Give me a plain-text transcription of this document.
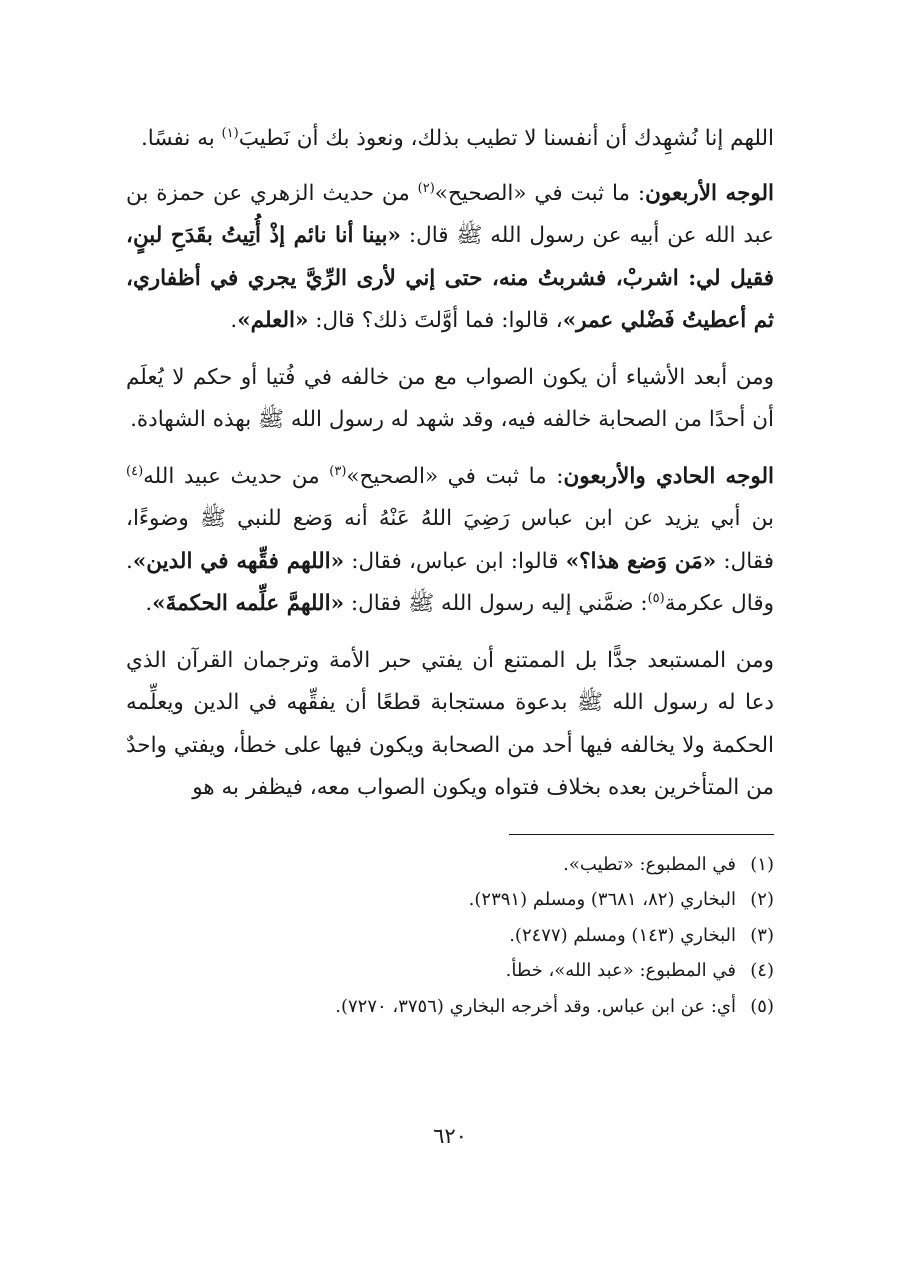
اللهم إنا نُشهِدك أن أنفسنا لا تطيب بذلك، ونعوذ بك أن نَطيبَ$^{(١)}$ به نفسًا.

الوجه الأربعون: ما ثبت في «الصحيح»$^{(٢)}$ من حديث الزهري عن حمزة بن عبد الله عن أبيه عن رسول الله ﷺ قال: «بينا أنا نائم إذْ أُتِيتُ بقَدَحِ لبنٍ، فقيل لي: اشربْ، فشربتُ منه، حتى إني لأرى الرِّيَّ يجري في أظفاري، ثم أعطيتُ فَضْلي عمر»، قالوا: فما أوَّلتَ ذلك؟ قال: «العلم».

ومن أبعد الأشياء أن يكون الصواب مع من خالفه في فُتيا أو حكم لا يُعلَم أن أحدًا من الصحابة خالفه فيه، وقد شهد له رسول الله ﷺ بهذه الشهادة.

الوجه الحادي والأربعون: ما ثبت في «الصحيح»$^{(٣)}$ من حديث عبيد الله$^{(٤)}$ بن أبي يزيد عن ابن عباس رَضِيَ اللهُ عَنْهُ أنه وَضع للنبي ﷺ وضوءًا، فقال: «مَن وَضع هذا؟» قالوا: ابن عباس، فقال: «اللهم فقِّهه في الدين». وقال عكرمة$^{(٥)}$: ضمَّني إليه رسول الله ﷺ فقال: «اللهمَّ علِّمه الحكمةَ».

ومن المستبعد جدًّا بل الممتنع أن يفتي حبر الأمة وترجمان القرآن الذي دعا له رسول الله ﷺ بدعوة مستجابة قطعًا أن يفقِّهه في الدين ويعلِّمه الحكمة ولا يخالفه فيها أحد من الصحابة ويكون فيها على خطأ، ويفتي واحدٌ من المتأخرين بعده بخلاف فتواه ويكون الصواب معه، فيظفر به هو

(١)في المطبوع: «تطيب».
(٢)البخاري (٨٢، ٣٦٨١) ومسلم (٢٣٩١).
(٣)البخاري (١٤٣) ومسلم (٢٤٧٧).
(٤)في المطبوع: «عبد الله»، خطأ.
(٥)أي: عن ابن عباس. وقد أخرجه البخاري (٣٧٥٦، ٧٢٧٠).
٦٢٠
